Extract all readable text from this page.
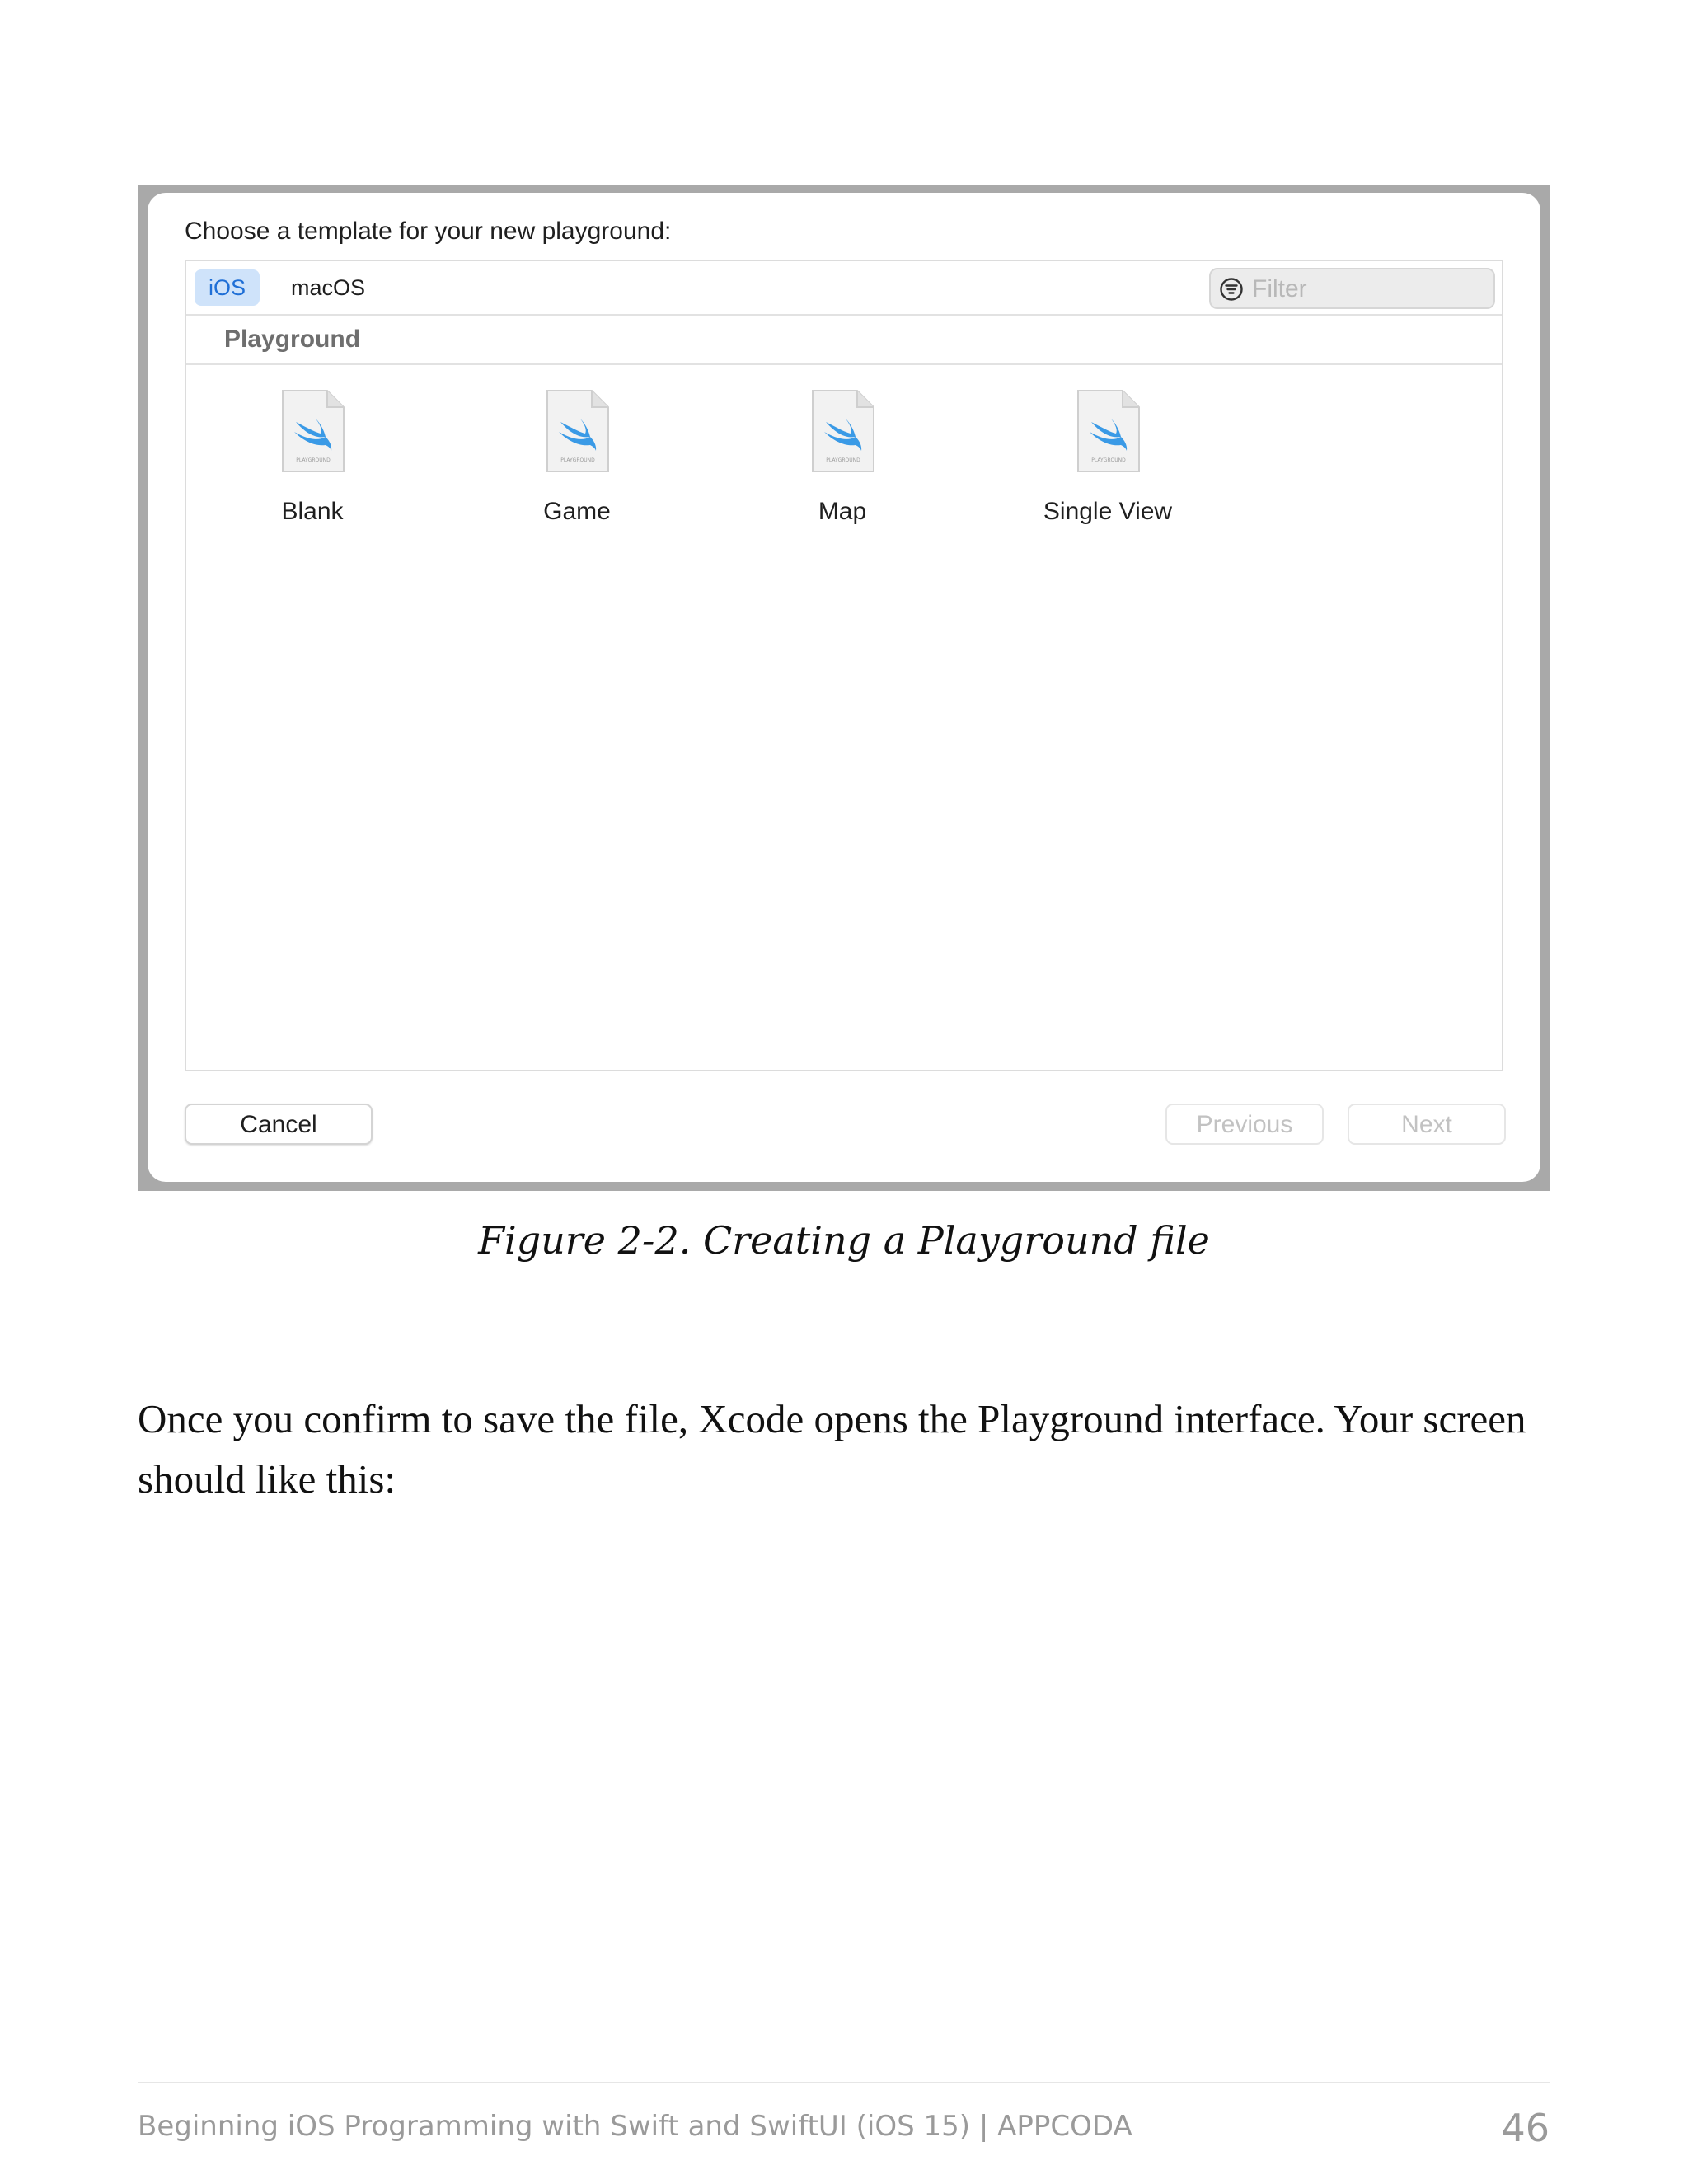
Choose a template for your new playground:
iOS	macOS
Filter
Playground
PLAYGROUND
Blank
PLAYGROUND
Game
PLAYGROUND
Map
PLAYGROUND
Single View
Cancel	Previous	Next
Figure 2-2. Creating a Playground file
Once you confirm to save the file, Xcode opens the Playground interface. Your screen should like this:
Beginning iOS Programming with Swift and SwiftUI (iOS 15) | APPCODA	46
